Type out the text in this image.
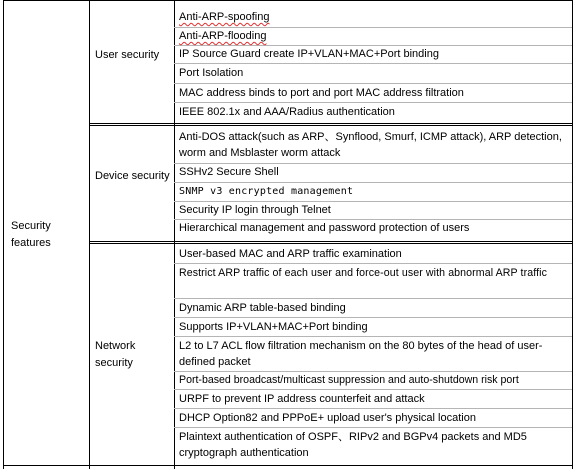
Security features
User security
Device security
Network security
Anti-ARP-spoofing
Anti-ARP-flooding
IP Source Guard create IP+VLAN+MAC+Port binding
Port Isolation
MAC address binds to port and port MAC address filtration
IEEE 802.1x and AAA/Radius authentication
Anti-DOS attack(such as ARP、Synflood, Smurf, ICMP attack), ARP detection, worm and Msblaster worm attack
SSHv2 Secure Shell
SNMP v3 encrypted management
Security IP login through Telnet
Hierarchical management and password protection of users
User-based MAC and ARP traffic examination
Restrict ARP traffic of each user and force-out user with abnormal ARP traffic
Dynamic ARP table-based binding
Supports IP+VLAN+MAC+Port binding
L2 to L7 ACL flow filtration mechanism on the 80 bytes of the head of user-defined packet
Port-based broadcast/multicast suppression and auto-shutdown risk port
URPF to prevent IP address counterfeit and attack
DHCP Option82 and PPPoE+ upload user's physical location
Plaintext authentication of OSPF、RIPv2 and BGPv4 packets and MD5 cryptograph authentication
